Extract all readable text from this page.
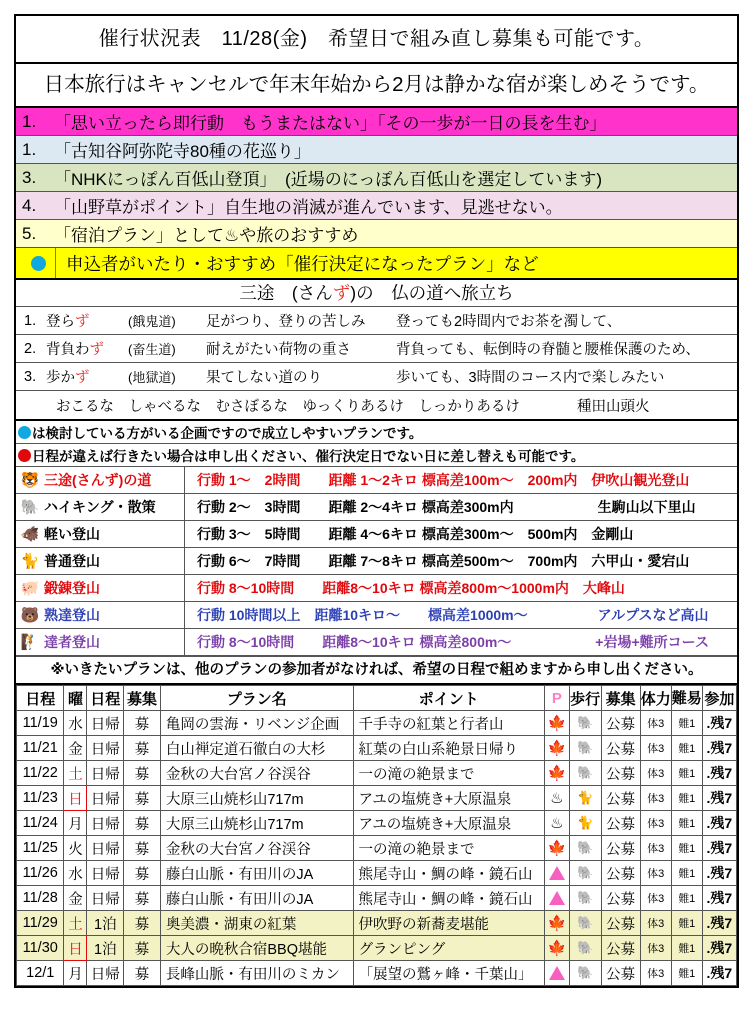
催行状況表　11/28(金)　希望日で組み直し募集も可能です。
日本旅行はキャンセルで年末年始から2月は静かな宿が楽しめそうです。
1.	「思い立ったら即行動　もうまたはない」「その一歩が一日の長を生む」
1.	「古知谷阿弥陀寺80種の花巡り」
3.	「NHKにっぽん百低山登頂」　(近場のにっぽん百低山を選定しています)
4.	「山野草がポイント」自生地の消滅が進んでいます、見逃せない。
5.	「宿泊プラン」として♨や旅のおすすめ
申込者がいたり・おすすめ「催行決定になったプラン」など
三途　(さんず)の　仏の道へ旅立ち
1. 登らず	(餓鬼道)	足がつり、登りの苦しみ	登っても2時間内でお茶を濁して、
2. 背負わず	(畜生道)	耐えがたい荷物の重さ	背負っても、転倒時の脊髄と腰椎保護のため、
3. 歩かず	(地獄道)	果てしない道のり	歩いても、3時間のコース内で楽しみたい
おこるな　しゃべるな　むさぼるな　ゆっくりあるけ　しっかりあるけ	種田山頭火
は検討している方がいる企画ですので成立しやすいプランです。
日程が違えば行きたい場合は申し出ください、催行決定日でない日に差し替えも可能です。
🐯 三途(さんず)の道	行動 1～　2時間　　距離 1～2キロ 標高差100m～　200m内　伊吹山観光登山
🐘 ハイキング・散策	行動 2～　3時間　　距離 2～4キロ 標高差300m内　　　　　　生駒山以下里山
🐗 軽い登山	行動 3～　5時間　　距離 4～6キロ 標高差300m～　500m内　金剛山
🐈 普通登山	行動 6～　7時間　　距離 7～8キロ 標高差500m～　700m内　六甲山・愛宕山
🐖 鍛錬登山	行動 8～10時間　　距離8～10キロ 標高差800m～1000m内　大峰山
🐻 熟達登山	行動 10時間以上　距離10キロ～　　標高差1000m～　　　　　アルプスなど高山
🧗 達者登山	行動 8～10時間　　距離8～10キロ 標高差800m～　　　　　　+岩場+難所コース
※いきたいプランは、他のプランの参加者がなければ、希望の日程で組めますから申し出ください。
日程	曜	日程	募集	プラン名	ポイント	P	歩行	募集	体力	難易	参加
11/19	水	日帰	募	亀岡の雲海・リベンジ企画	千手寺の紅葉と行者山	🍁	🐘	公募	体3	難1	.残7
11/21	金	日帰	募	白山禅定道石徹白の大杉	紅葉の白山系絶景日帰り	🍁	🐘	公募	体3	難1	.残7
11/22	土	日帰	募	金秋の大台宮ノ谷渓谷	一の滝の絶景まで	🍁	🐘	公募	体3	難1	.残7
11/23	日	日帰	募	大原三山焼杉山717m	アユの塩焼き+大原温泉	♨	🐈	公募	体3	難1	.残7
11/24	月	日帰	募	大原三山焼杉山717m	アユの塩焼き+大原温泉	♨	🐈	公募	体3	難1	.残7
11/25	火	日帰	募	金秋の大台宮ノ谷渓谷	一の滝の絶景まで	🍁	🐘	公募	体3	難1	.残7
11/26	水	日帰	募	藤白山脈・有田川のJA	熊尾寺山・鯛の峰・鏡石山		🐘	公募	体3	難1	.残7
11/28	金	日帰	募	藤白山脈・有田川のJA	熊尾寺山・鯛の峰・鏡石山		🐘	公募	体3	難1	.残7
11/29	土	1泊	募	奥美濃・湖東の紅葉	伊吹野の新蕎麦堪能	🍁	🐘	公募	体3	難1	.残7
11/30	日	1泊	募	大人の晩秋合宿BBQ堪能	グランピング	🍁	🐘	公募	体3	難1	.残7
12/1	月	日帰	募	長峰山脈・有田川のミカン	「展望の鷲ヶ峰・千葉山」		🐘	公募	体3	難1	.残7
